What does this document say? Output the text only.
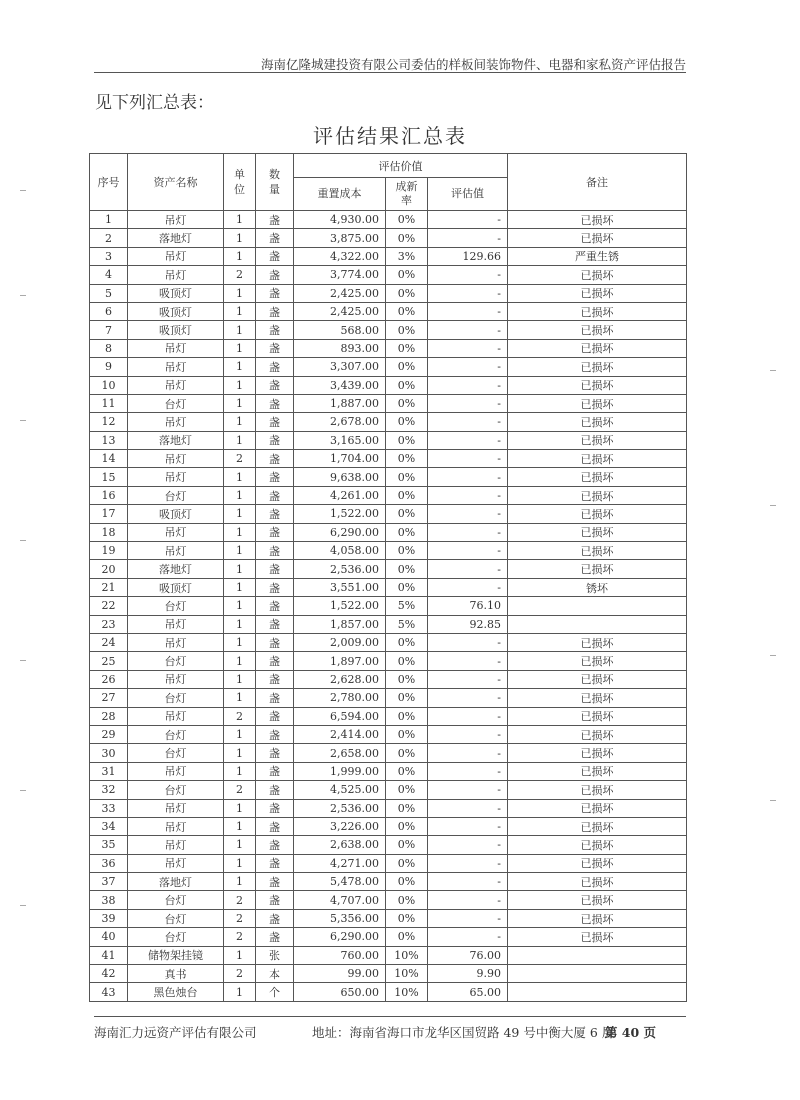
海南亿隆城建投资有限公司委估的样板间装饰物件、电器和家私资产评估报告
见下列汇总表：
评估结果汇总表
序号	资产名称	单位	数量	评估价值			备注
				重置成本	成新率	评估值	
1	吊灯	1	盏	4,930.00	0%	-	已损坏
2	落地灯	1	盏	3,875.00	0%	-	已损坏
3	吊灯	1	盏	4,322.00	3%	129.66	严重生锈
4	吊灯	2	盏	3,774.00	0%	-	已损坏
5	吸顶灯	1	盏	2,425.00	0%	-	已损坏
6	吸顶灯	1	盏	2,425.00	0%	-	已损坏
7	吸顶灯	1	盏	568.00	0%	-	已损坏
8	吊灯	1	盏	893.00	0%	-	已损坏
9	吊灯	1	盏	3,307.00	0%	-	已损坏
10	吊灯	1	盏	3,439.00	0%	-	已损坏
11	台灯	1	盏	1,887.00	0%	-	已损坏
12	吊灯	1	盏	2,678.00	0%	-	已损坏
13	落地灯	1	盏	3,165.00	0%	-	已损坏
14	吊灯	2	盏	1,704.00	0%	-	已损坏
15	吊灯	1	盏	9,638.00	0%	-	已损坏
16	台灯	1	盏	4,261.00	0%	-	已损坏
17	吸顶灯	1	盏	1,522.00	0%	-	已损坏
18	吊灯	1	盏	6,290.00	0%	-	已损坏
19	吊灯	1	盏	4,058.00	0%	-	已损坏
20	落地灯	1	盏	2,536.00	0%	-	已损坏
21	吸顶灯	1	盏	3,551.00	0%	-	锈坏
22	台灯	1	盏	1,522.00	5%	76.10	
23	吊灯	1	盏	1,857.00	5%	92.85	
24	吊灯	1	盏	2,009.00	0%	-	已损坏
25	台灯	1	盏	1,897.00	0%	-	已损坏
26	吊灯	1	盏	2,628.00	0%	-	已损坏
27	台灯	1	盏	2,780.00	0%	-	已损坏
28	吊灯	2	盏	6,594.00	0%	-	已损坏
29	台灯	1	盏	2,414.00	0%	-	已损坏
30	台灯	1	盏	2,658.00	0%	-	已损坏
31	吊灯	1	盏	1,999.00	0%	-	已损坏
32	台灯	2	盏	4,525.00	0%	-	已损坏
33	吊灯	1	盏	2,536.00	0%	-	已损坏
34	吊灯	1	盏	3,226.00	0%	-	已损坏
35	吊灯	1	盏	2,638.00	0%	-	已损坏
36	吊灯	1	盏	4,271.00	0%	-	已损坏
37	落地灯	1	盏	5,478.00	0%	-	已损坏
38	台灯	2	盏	4,707.00	0%	-	已损坏
39	台灯	2	盏	5,356.00	0%	-	已损坏
40	台灯	2	盏	6,290.00	0%	-	已损坏
41	储物架挂镜	1	张	760.00	10%	76.00	
42	真书	2	本	99.00	10%	9.90	
43	黑色烛台	1	个	650.00	10%	65.00	
海南汇力远资产评估有限公司	地址：海南省海口市龙华区国贸路 49 号中衡大厦 6 层
第 40 页
